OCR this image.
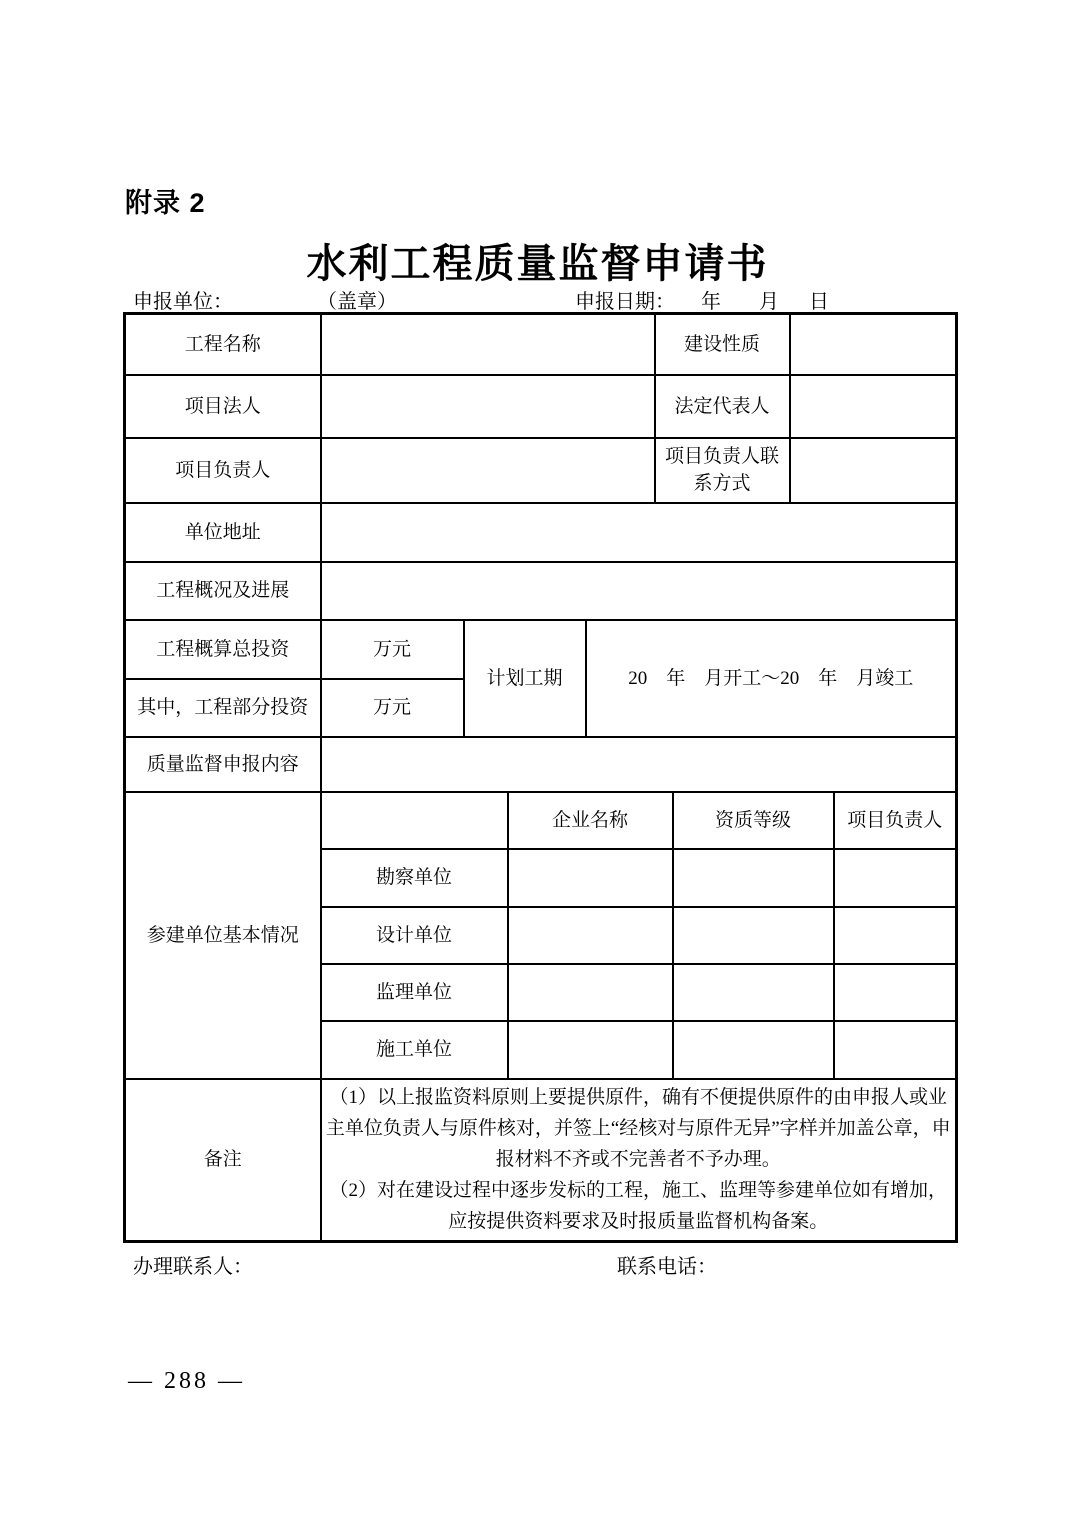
附录 2
水利工程质量监督申请书
申报单位：	（盖章）	申报日期： 年 月 日
工程名称					建设性质			
项目法人					法定代表人			
项目负责人					项目负责人联系方式			
单位地址								
工程概况及进展								
工程概算总投资	万元	计划工期		20　年　月开工～20　年　月竣工				
其中，工程部分投资	万元							
质量监督申报内容								
参建单位基本情况			企业名称			资质等级		项目负责人
	勘察单位							
	设计单位							
	监理单位							
	施工单位							
备注	（1）以上报监资料原则上要提供原件，确有不便提供原件的由申报人或业主单位负责人与原件核对，并签上“经核对与原件无异”字样并加盖公章，申报材料不齐或不完善者不予办理。

（2）对在建设过程中逐步发标的工程，施工、监理等参建单位如有增加，应按提供资料要求及时报质量监督机构备案。							

办理联系人：	联系电话：
— 288 —
